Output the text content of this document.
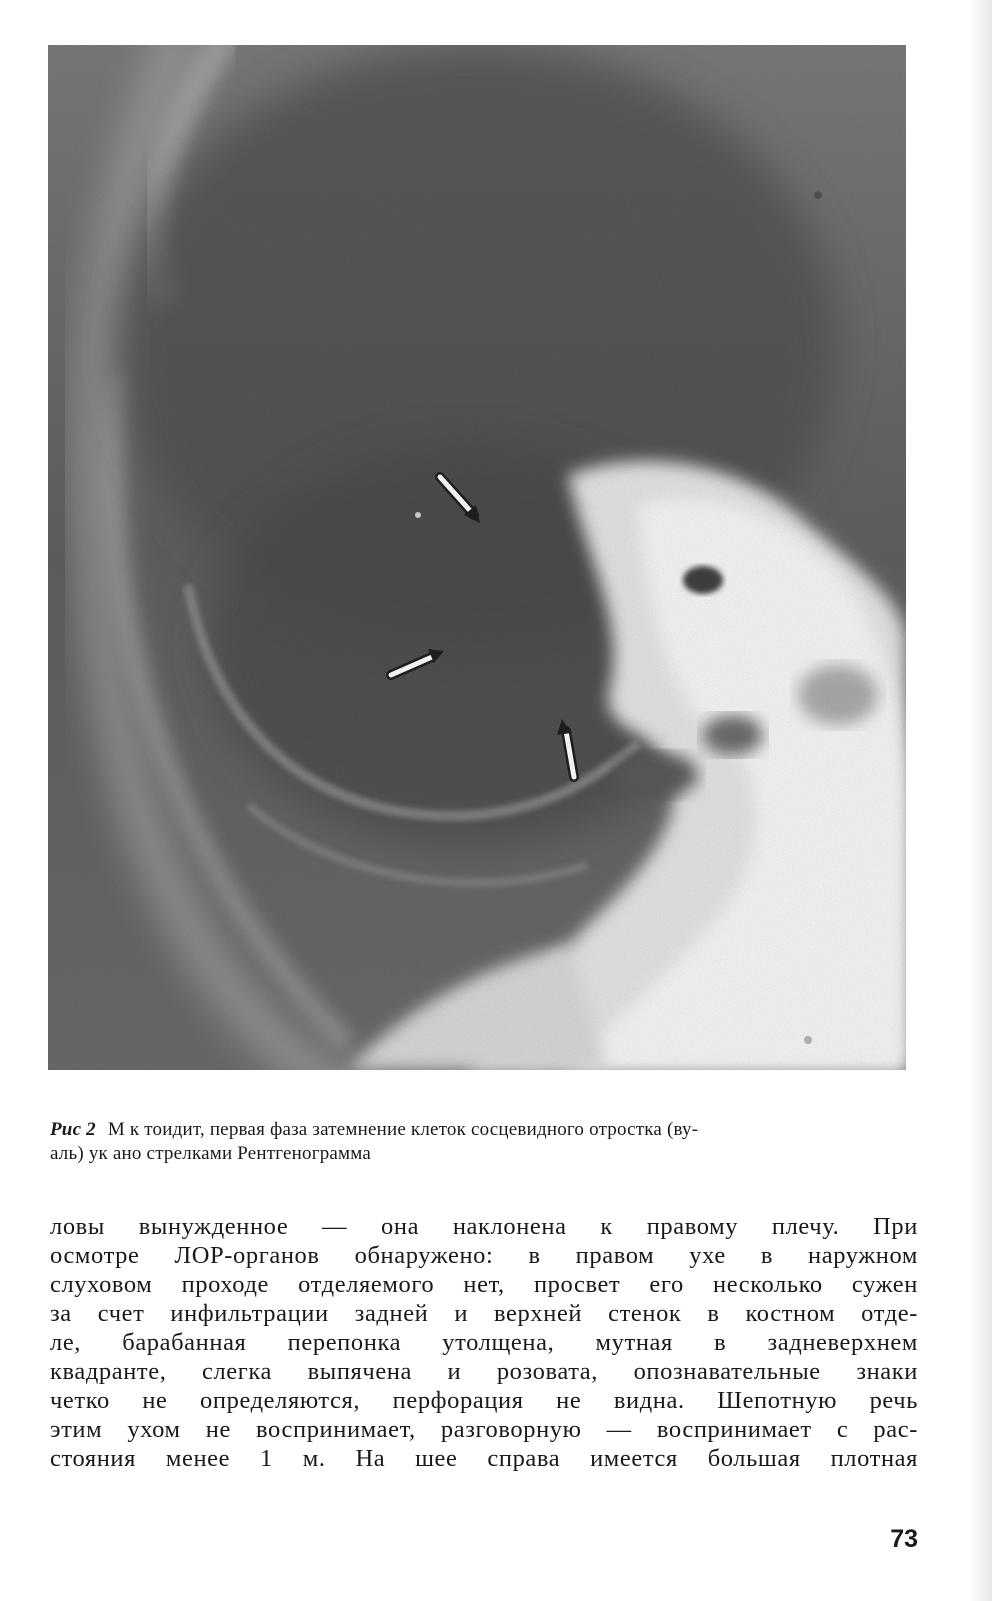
Рис 2 М к тоидит, первая фаза затемнение клеток сосцевидного отростка (ву-
аль) ук ано стрелками Рентгенограмма
ловы вынужденное — она наклонена к правому плечу. При
осмотре ЛОР-органов обнаружено: в правом ухе в наружном
слуховом проходе отделяемого нет, просвет его несколько сужен
за счет инфильтрации задней и верхней стенок в костном отде-
ле, барабанная перепонка утолщена, мутная в задневерхнем
квадранте, слегка выпячена и розовата, опознавательные знаки
четко не определяются, перфорация не видна. Шепотную речь
этим ухом не воспринимает, разговорную — воспринимает с рас-
стояния менее 1 м. На шее справа имеется большая плотная
73
